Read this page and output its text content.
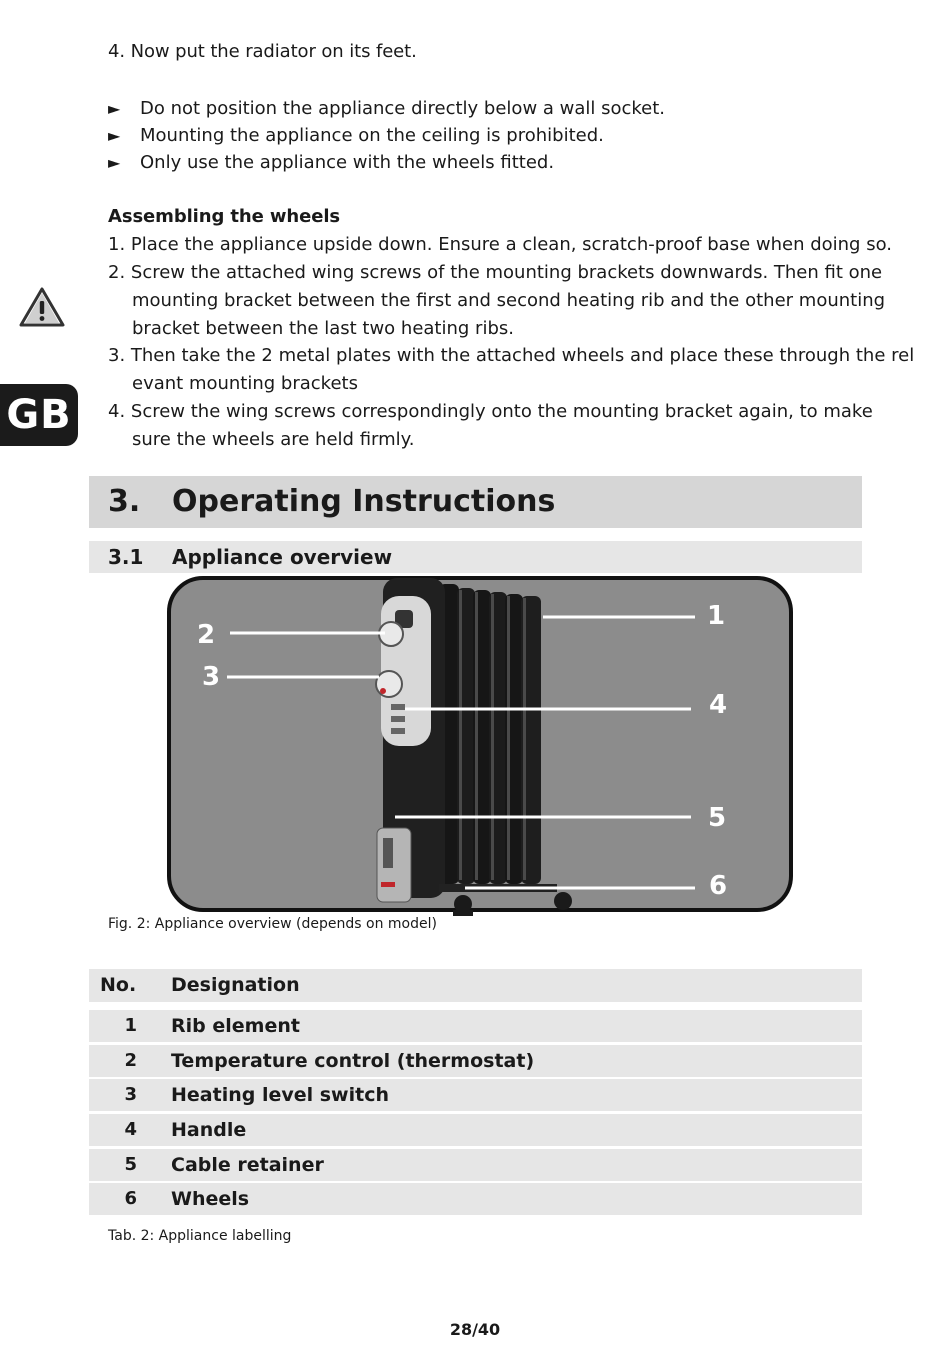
4. Now put the radiator on its feet.
► Do not position the appliance directly below a wall socket.
► Mounting the appliance on the ceiling is prohibited.
► Only use the appliance with the wheels fitted.
Assembling the wheels
1. Place the appliance upside down. Ensure a clean, scratch-proof base when doing so.
2. Screw the attached wing screws of the mounting brackets downwards. Then fit one
mounting bracket between the first and second heating rib and the other mounting
bracket between the last two heating ribs.
3. Then take the 2 metal plates with the attached wheels and place these through the rel
evant mounting brackets
4. Screw the wing screws correspondingly onto the mounting bracket again, to make
sure the wheels are held firmly.
GB
3. Operating Instructions
3.1 Appliance overview
1
2
3
4
5
6
Fig. 2: Appliance overview (depends on model)
No. Designation
1 Rib element
2 Temperature control (thermostat)
3 Heating level switch
4 Handle
5 Cable retainer
6 Wheels
Tab. 2: Appliance labelling
28/40
